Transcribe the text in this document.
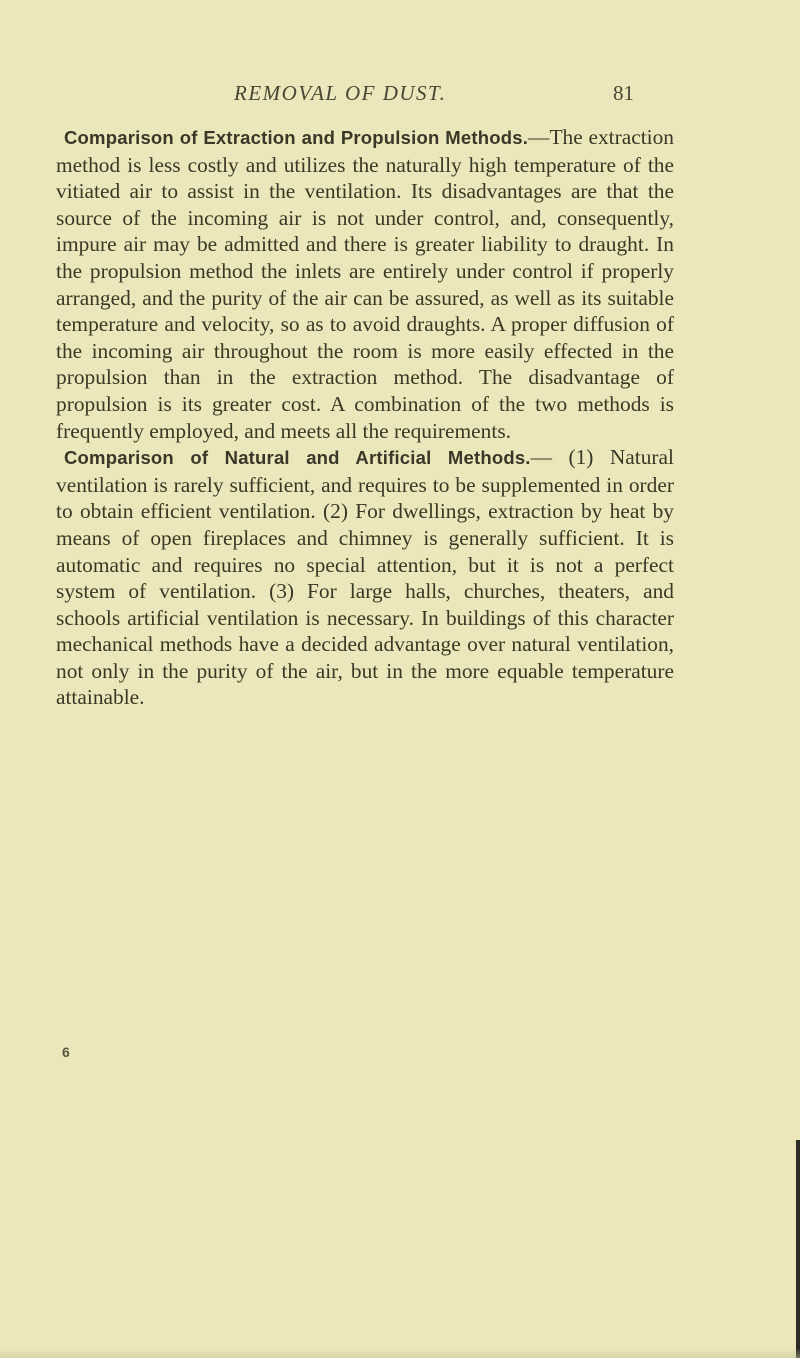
REMOVAL OF DUST.	81

Comparison of Extraction and Propulsion Methods.—The extraction method is less costly and utilizes the naturally high temperature of the vitiated air to assist in the ventilation. Its disadvantages are that the source of the incoming air is not under control, and, consequently, impure air may be admitted and there is greater liability to draught. In the propulsion method the inlets are entirely under control if properly arranged, and the purity of the air can be assured, as well as its suitable temperature and velocity, so as to avoid draughts. A proper diffusion of the incoming air throughout the room is more easily effected in the propulsion than in the extraction method. The disadvantage of propulsion is its greater cost. A combination of the two methods is frequently employed, and meets all the requirements.

Comparison of Natural and Artificial Methods.— (1) Natural ventilation is rarely sufficient, and requires to be supplemented in order to obtain efficient ventilation. (2) For dwellings, extraction by heat by means of open fireplaces and chimney is generally sufficient. It is automatic and requires no special attention, but it is not a perfect system of ventilation. (3) For large halls, churches, theaters, and schools artificial ventilation is necessary. In buildings of this character mechanical methods have a decided advantage over natural ventilation, not only in the purity of the air, but in the more equable temperature attainable.

6
